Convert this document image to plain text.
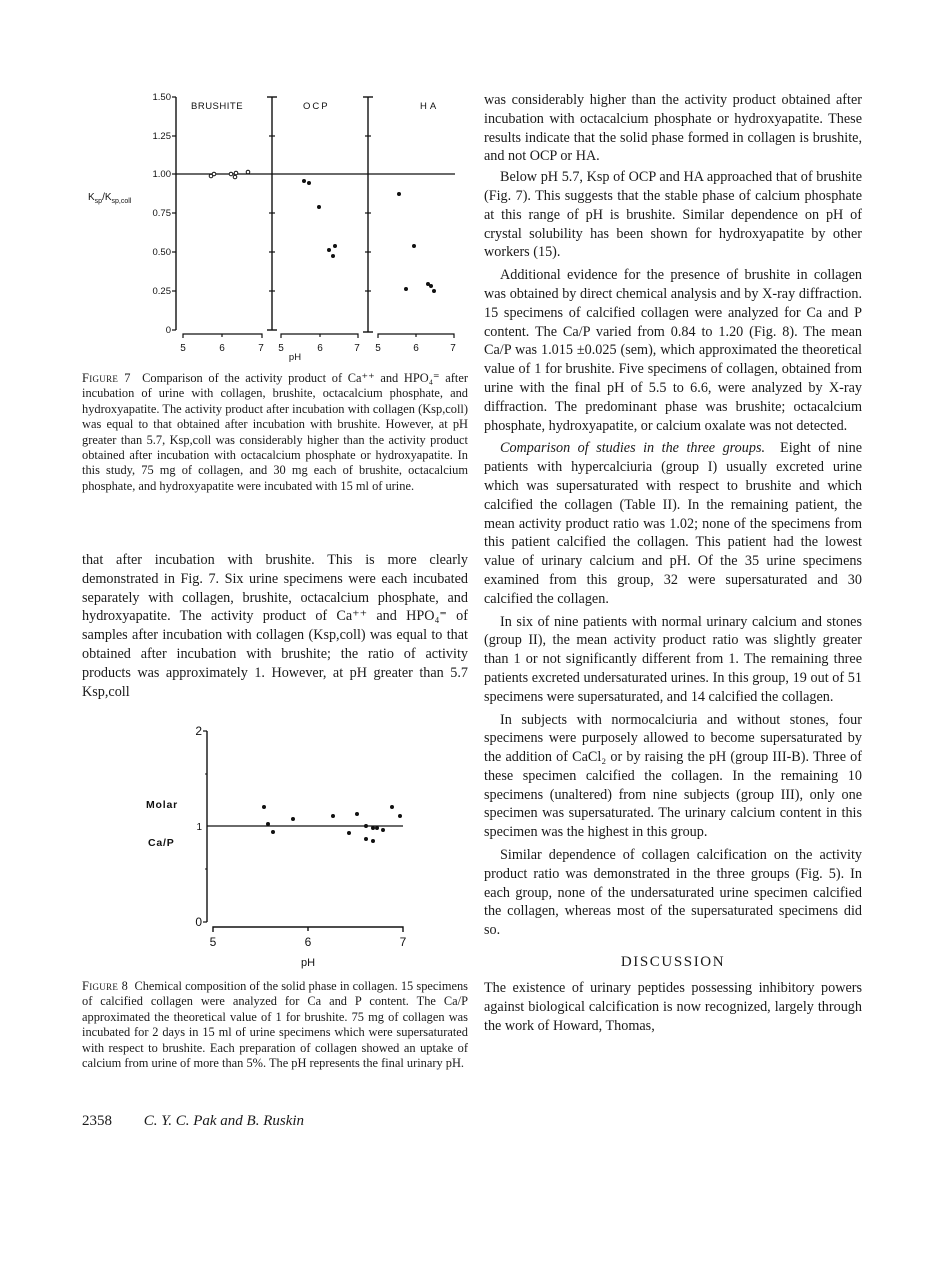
1.50
1.25
1.00
0.75
0.50
0.25
0
$K_{sp}/K_{sp,coll}$
BRUSHITE	OCP	HA
5	6	7 5	6	7 5	6	7
pH

Figure 7 Comparison of the activity product of Ca⁺⁺ and HPO₄⁼ after incubation of urine with collagen, brushite, octacalcium phosphate, and hydroxyapatite. The activity product after incubation with collagen (Ksp,coll) was equal to that obtained after incubation with brushite. However, at pH greater than 5.7, Ksp,coll was considerably higher than the activity product obtained after incubation with octacalcium phosphate or hydroxyapatite. In this study, 75 mg of collagen, and 30 mg each of brushite, octacalcium phosphate, and hydroxyapatite were incubated with 15 ml of urine.

that after incubation with brushite. This is more clearly demonstrated in Fig. 7. Six urine specimens were each incubated separately with collagen, brushite, octacalcium phosphate, and hydroxyapatite. The activity product of Ca⁺⁺ and HPO₄⁼ of samples after incubation with collagen (Ksp,coll) was equal to that obtained after incubation with brushite; the ratio of activity products was approximately 1. However, at pH greater than 5.7 Ksp,coll

2
1
0
Molar
Ca/P
5	6	7
pH

Figure 8 Chemical composition of the solid phase in collagen. 15 specimens of calcified collagen were analyzed for Ca and P content. The Ca/P approximated the theoretical value of 1 for brushite. 75 mg of collagen was incubated for 2 days in 15 ml of urine specimens which were supersaturated with respect to brushite. Each preparation of collagen showed an uptake of calcium from urine of more than 5%. The pH represents the final urinary pH.

was considerably higher than the activity product obtained after incubation with octacalcium phosphate or hydroxyapatite. These results indicate that the solid phase formed in collagen is brushite, and not OCP or HA.

Below pH 5.7, Ksp of OCP and HA approached that of brushite (Fig. 7). This suggests that the stable phase of calcium phosphate at this range of pH is brushite. Similar dependence on pH of crystal solubility has been shown for hydroxyapatite by other workers (15).

Additional evidence for the presence of brushite in collagen was obtained by direct chemical analysis and by X-ray diffraction. 15 specimens of calcified collagen were analyzed for Ca and P content. The Ca/P varied from 0.84 to 1.20 (Fig. 8). The mean Ca/P was 1.015 ±0.025 (sem), which approximated the theoretical value of 1 for brushite. Five specimens of collagen, obtained from urine with the final pH of 5.5 to 6.6, were analyzed by X-ray diffraction. The predominant phase was brushite; octacalcium phosphate, hydroxyapatite, or calcium oxalate was not detected.

Comparison of studies in the three groups. Eight of nine patients with hypercalciuria (group I) usually excreted urine which was supersaturated with respect to brushite and which calcified the collagen (Table II). In the remaining patient, the mean activity product ratio was 1.02; none of the specimens from this patient calcified the collagen. This patient had the lowest value of urinary calcium and pH. Of the 35 urine specimens examined from this group, 32 were supersaturated and 30 calcified the collagen.

In six of nine patients with normal urinary calcium and stones (group II), the mean activity product ratio was slightly greater than 1 or not significantly different from 1. The remaining three patients excreted undersaturated urines. In this group, 19 out of 51 specimens were supersaturated, and 14 calcified the collagen.

In subjects with normocalciuria and without stones, four specimens were purposely allowed to become supersaturated by the addition of CaCl₂ or by raising the pH (group III-B). Three of these specimen calcified the collagen. In the remaining 10 specimens (unaltered) from nine subjects (group III), only one specimen was supersaturated. The urinary calcium content in this specimen was the highest in this group.

Similar dependence of collagen calcification on the activity product ratio was demonstrated in the three groups (Fig. 5). In each group, none of the undersaturated urine specimen calcified the collagen, whereas most of the supersaturated specimens did so.

DISCUSSION

The existence of urinary peptides possessing inhibitory powers against biological calcification is now recognized, largely through the work of Howard, Thomas,

2358 C. Y. C. Pak and B. Ruskin
